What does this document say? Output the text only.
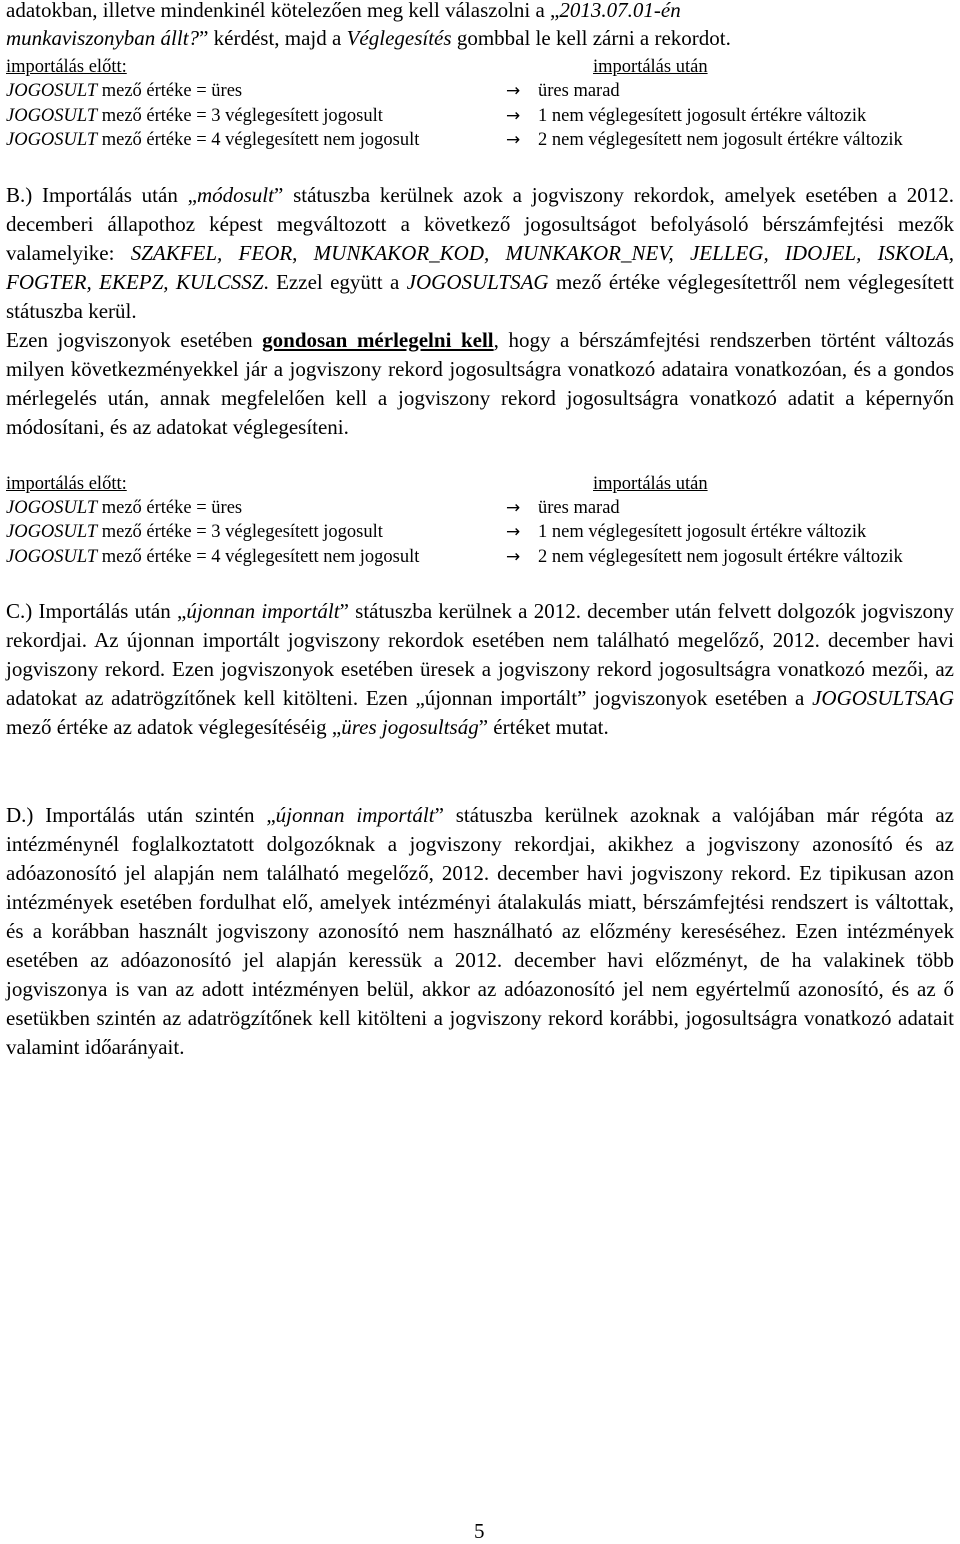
adatokban, illetve mindenkinél kötelezően meg kell válaszolni a „2013.07.01-én
munkaviszonyban állt?” kérdést, majd a Véglegesítés gombbal le kell zárni a rekordot.
importálás előtt:	importálás után
JOGOSULT mező értéke = üres	→ üres marad
JOGOSULT mező értéke = 3 véglegesített jogosult	→ 1 nem véglegesített jogosult értékre változik
JOGOSULT mező értéke = 4 véglegesített nem jogosult	→ 2 nem véglegesített nem jogosult értékre változik
B.) Importálás után „módosult” státuszba kerülnek azok a jogviszony rekordok, amelyek esetében a 2012. decemberi állapothoz képest megváltozott a következő jogosultságot befolyásoló bérszámfejtési mezők valamelyike: SZAKFEL, FEOR, MUNKAKOR_KOD, MUNKAKOR_NEV, JELLEG, IDOJEL, ISKOLA, FOGTER, EKEPZ, KULCSSZ. Ezzel együtt a JOGOSULTSAG mező értéke véglegesítettről nem véglegesített státuszba kerül.
Ezen jogviszonyok esetében gondosan mérlegelni kell, hogy a bérszámfejtési rendszerben történt változás milyen következményekkel jár a jogviszony rekord jogosultságra vonatkozó adataira vonatkozóan, és a gondos mérlegelés után, annak megfelelően kell a jogviszony rekord jogosultságra vonatkozó adatit a képernyőn módosítani, és az adatokat véglegesíteni.
importálás előtt:	importálás után
JOGOSULT mező értéke = üres	→ üres marad
JOGOSULT mező értéke = 3 véglegesített jogosult	→ 1 nem véglegesített jogosult értékre változik
JOGOSULT mező értéke = 4 véglegesített nem jogosult	→ 2 nem véglegesített nem jogosult értékre változik
C.) Importálás után „újonnan importált” státuszba kerülnek a 2012. december után felvett dolgozók jogviszony rekordjai. Az újonnan importált jogviszony rekordok esetében nem található megelőző, 2012. december havi jogviszony rekord. Ezen jogviszonyok esetében üresek a jogviszony rekord jogosultságra vonatkozó mezői, az adatokat az adatrögzítőnek kell kitölteni. Ezen „újonnan importált” jogviszonyok esetében a JOGOSULTSAG mező értéke az adatok véglegesítéséig „üres jogosultság” értéket mutat.
D.) Importálás után szintén „újonnan importált” státuszba kerülnek azoknak a valójában már régóta az intézménynél foglalkoztatott dolgozóknak a jogviszony rekordjai, akikhez a jogviszony azonosító és az adóazonosító jel alapján nem található megelőző, 2012. december havi jogviszony rekord. Ez tipikusan azon intézmények esetében fordulhat elő, amelyek intézményi átalakulás miatt, bérszámfejtési rendszert is váltottak, és a korábban használt jogviszony azonosító nem használható az előzmény kereséséhez. Ezen intézmények esetében az adóazonosító jel alapján keressük a 2012. december havi előzményt, de ha valakinek több jogviszonya is van az adott intézményen belül, akkor az adóazonosító jel nem egyértelmű azonosító, és az ő esetükben szintén az adatrögzítőnek kell kitölteni a jogviszony rekord korábbi, jogosultságra vonatkozó adatait valamint időarányait.
5
